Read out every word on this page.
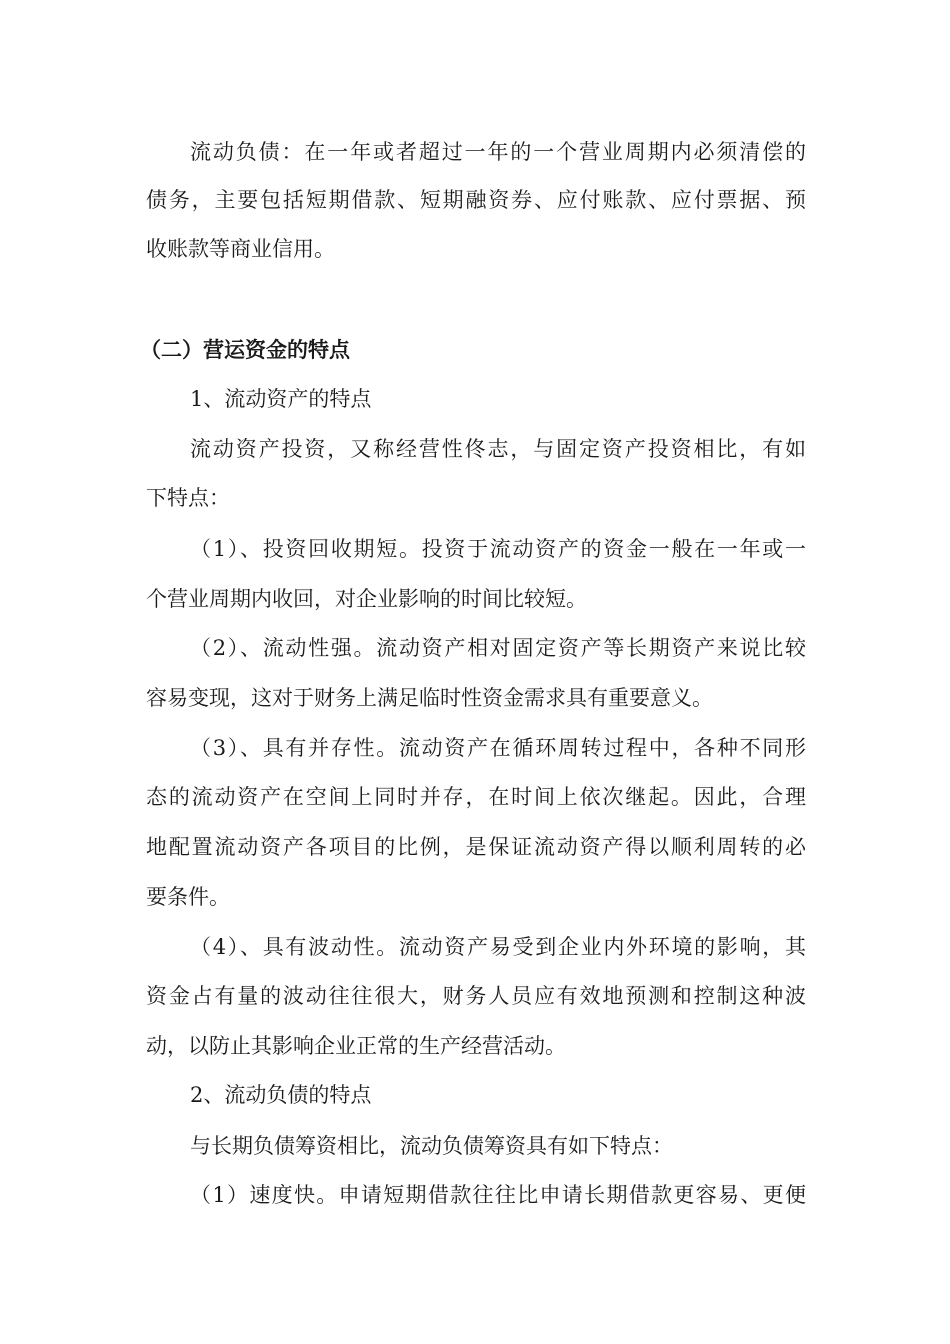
流动负债：在一年或者超过一年的一个营业周期内必须清偿的
债务，主要包括短期借款、短期融资券、应付账款、应付票据、预
收账款等商业信用。
（二）营运资金的特点
1、流动资产的特点
流动资产投资，又称经营性佟志，与固定资产投资相比，有如
下特点：
（1）、投资回收期短。投资于流动资产的资金一般在一年或一
个营业周期内收回，对企业影响的时间比较短。
（2）、流动性强。流动资产相对固定资产等长期资产来说比较
容易变现，这对于财务上满足临时性资金需求具有重要意义。
（3）、具有并存性。流动资产在循环周转过程中，各种不同形
态的流动资产在空间上同时并存，在时间上依次继起。因此，合理
地配置流动资产各项目的比例，是保证流动资产得以顺利周转的必
要条件。
（4）、具有波动性。流动资产易受到企业内外环境的影响，其
资金占有量的波动往往很大，财务人员应有效地预测和控制这种波
动，以防止其影响企业正常的生产经营活动。
2、流动负债的特点
与长期负债筹资相比，流动负债筹资具有如下特点：
（1）速度快。申请短期借款往往比申请长期借款更容易、更便
